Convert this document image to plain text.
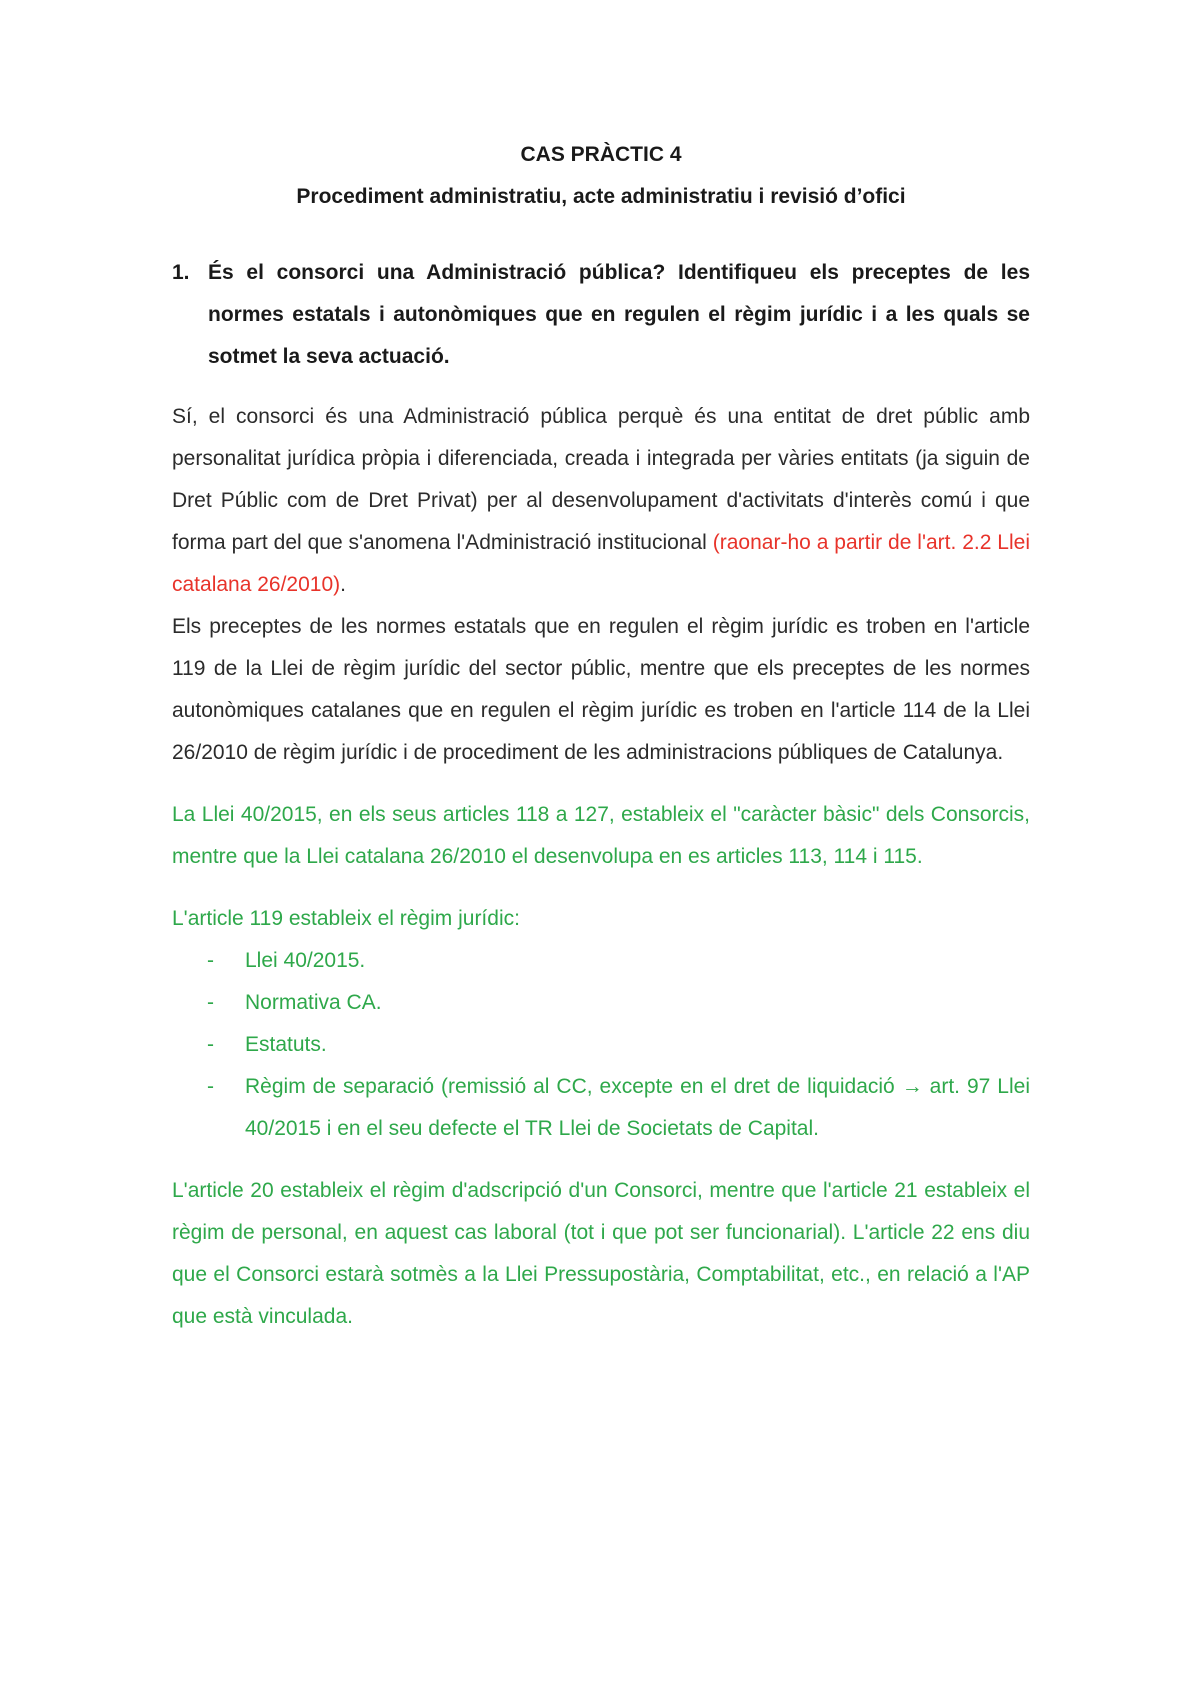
CAS PRÀCTIC 4
Procediment administratiu, acte administratiu i revisió d’ofici
1. És el consorci una Administració pública? Identifiqueu els preceptes de les normes estatals i autonòmiques que en regulen el règim jurídic i a les quals se sotmet la seva actuació.

Sí, el consorci és una Administració pública perquè és una entitat de dret públic amb personalitat jurídica pròpia i diferenciada, creada i integrada per vàries entitats (ja siguin de Dret Públic com de Dret Privat) per al desenvolupament d'activitats d'interès comú i que forma part del que s'anomena l'Administració institucional (raonar-ho a partir de l'art. 2.2 Llei catalana 26/2010).

Els preceptes de les normes estatals que en regulen el règim jurídic es troben en l'article 119 de la Llei de règim jurídic del sector públic, mentre que els preceptes de les normes autonòmiques catalanes que en regulen el règim jurídic es troben en l'article 114 de la Llei 26/2010 de règim jurídic i de procediment de les administracions públiques de Catalunya.

La Llei 40/2015, en els seus articles 118 a 127, estableix el "caràcter bàsic" dels Consorcis, mentre que la Llei catalana 26/2010 el desenvolupa en es articles 113, 114 i 115.

L'article 119 estableix el règim jurídic:

- Llei 40/2015.
- Normativa CA.
- Estatuts.
- Règim de separació (remissió al CC, excepte en el dret de liquidació → art. 97 Llei 40/2015 i en el seu defecte el TR Llei de Societats de Capital.

L'article 20 estableix el règim d'adscripció d'un Consorci, mentre que l'article 21 estableix el règim de personal, en aquest cas laboral (tot i que pot ser funcionarial). L'article 22 ens diu que el Consorci estarà sotmès a la Llei Pressupostària, Comptabilitat, etc., en relació a l'AP que està vinculada.
